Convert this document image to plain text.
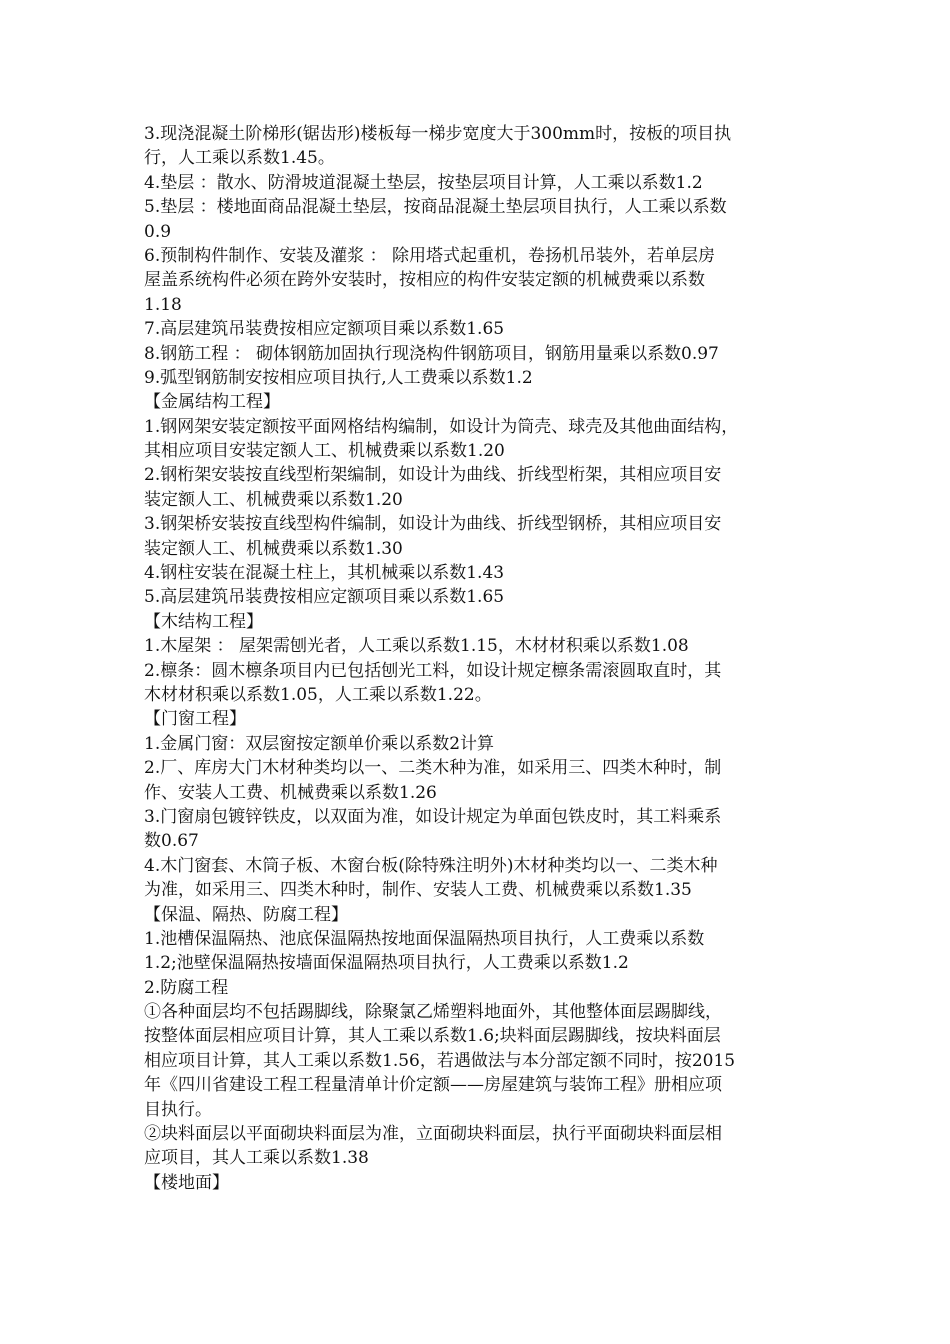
3.现浇混凝土阶梯形(锯齿形)楼板每一梯步宽度大于300mm时，按板的项目执
行，人工乘以系数1.45。
4.垫层 ：散水、防滑坡道混凝土垫层，按垫层项目计算，人工乘以系数1.2
5.垫层 ：楼地面商品混凝土垫层，按商品混凝土垫层项目执行，人工乘以系数
0.9
6.预制构件制作、安装及灌浆 ： 除用塔式起重机，卷扬机吊装外，若单层房
屋盖系统构件必须在跨外安装时，按相应的构件安装定额的机械费乘以系数
1.18
7.高层建筑吊装费按相应定额项目乘以系数1.65
8.钢筋工程 ： 砌体钢筋加固执行现浇构件钢筋项目，钢筋用量乘以系数0.97
9.弧型钢筋制安按相应项目执行,人工费乘以系数1.2
【金属结构工程】
1.钢网架安装定额按平面网格结构编制，如设计为筒壳、球壳及其他曲面结构，
其相应项目安装定额人工、机械费乘以系数1.20
2.钢桁架安装按直线型桁架编制，如设计为曲线、折线型桁架，其相应项目安
装定额人工、机械费乘以系数1.20
3.钢架桥安装按直线型构件编制，如设计为曲线、折线型钢桥，其相应项目安
装定额人工、机械费乘以系数1.30
4.钢柱安装在混凝土柱上，其机械乘以系数1.43
5.高层建筑吊装费按相应定额项目乘以系数1.65
【木结构工程】
1.木屋架 ： 屋架需刨光者，人工乘以系数1.15，木材材积乘以系数1.08
2.檩条：圆木檩条项目内已包括刨光工料，如设计规定檩条需滚圆取直时，其
木材材积乘以系数1.05，人工乘以系数1.22。
【门窗工程】
1.金属门窗：双层窗按定额单价乘以系数2计算
2.厂、库房大门木材种类均以一、二类木种为准，如采用三、四类木种时，制
作、安装人工费、机械费乘以系数1.26
3.门窗扇包镀锌铁皮，以双面为准，如设计规定为单面包铁皮时，其工料乘系
数0.67
4.木门窗套、木筒子板、木窗台板(除特殊注明外)木材种类均以一、二类木种
为准，如采用三、四类木种时，制作、安装人工费、机械费乘以系数1.35
【保温、隔热、防腐工程】
1.池槽保温隔热、池底保温隔热按地面保温隔热项目执行，人工费乘以系数
1.2;池壁保温隔热按墙面保温隔热项目执行，人工费乘以系数1.2
2.防腐工程
①各种面层均不包括踢脚线，除聚氯乙烯塑料地面外，其他整体面层踢脚线，
按整体面层相应项目计算，其人工乘以系数1.6;块料面层踢脚线，按块料面层
相应项目计算，其人工乘以系数1.56，若遇做法与本分部定额不同时，按2015
年《四川省建设工程工程量清单计价定额——房屋建筑与装饰工程》册相应项
目执行。
②块料面层以平面砌块料面层为准，立面砌块料面层，执行平面砌块料面层相
应项目，其人工乘以系数1.38
【楼地面】
